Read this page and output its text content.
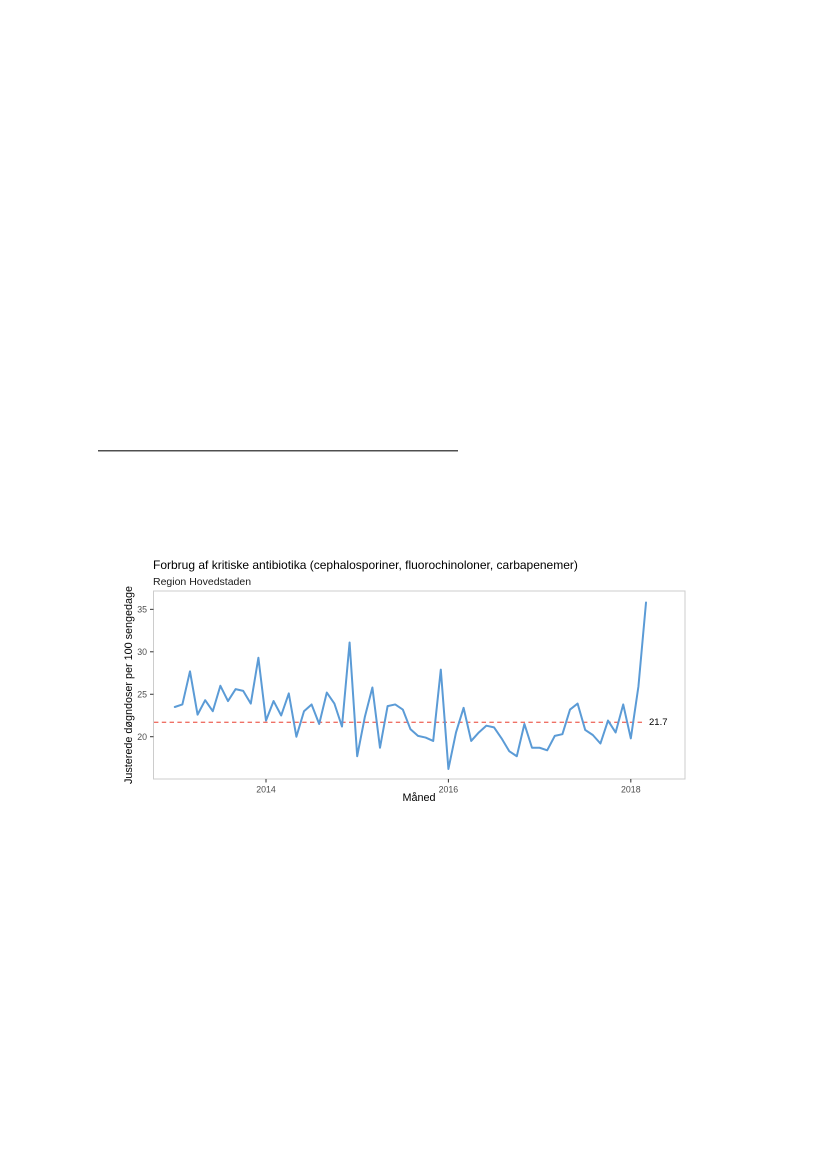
Forbrug af kritiske antibiotika (cephalosporiner, fluorochinoloner, carbapenemer)
Region Hovedstaden
Justerede døgndoser per 100 sengedage 20
25
30
35
2014	2016	2018
21.7
Måned
